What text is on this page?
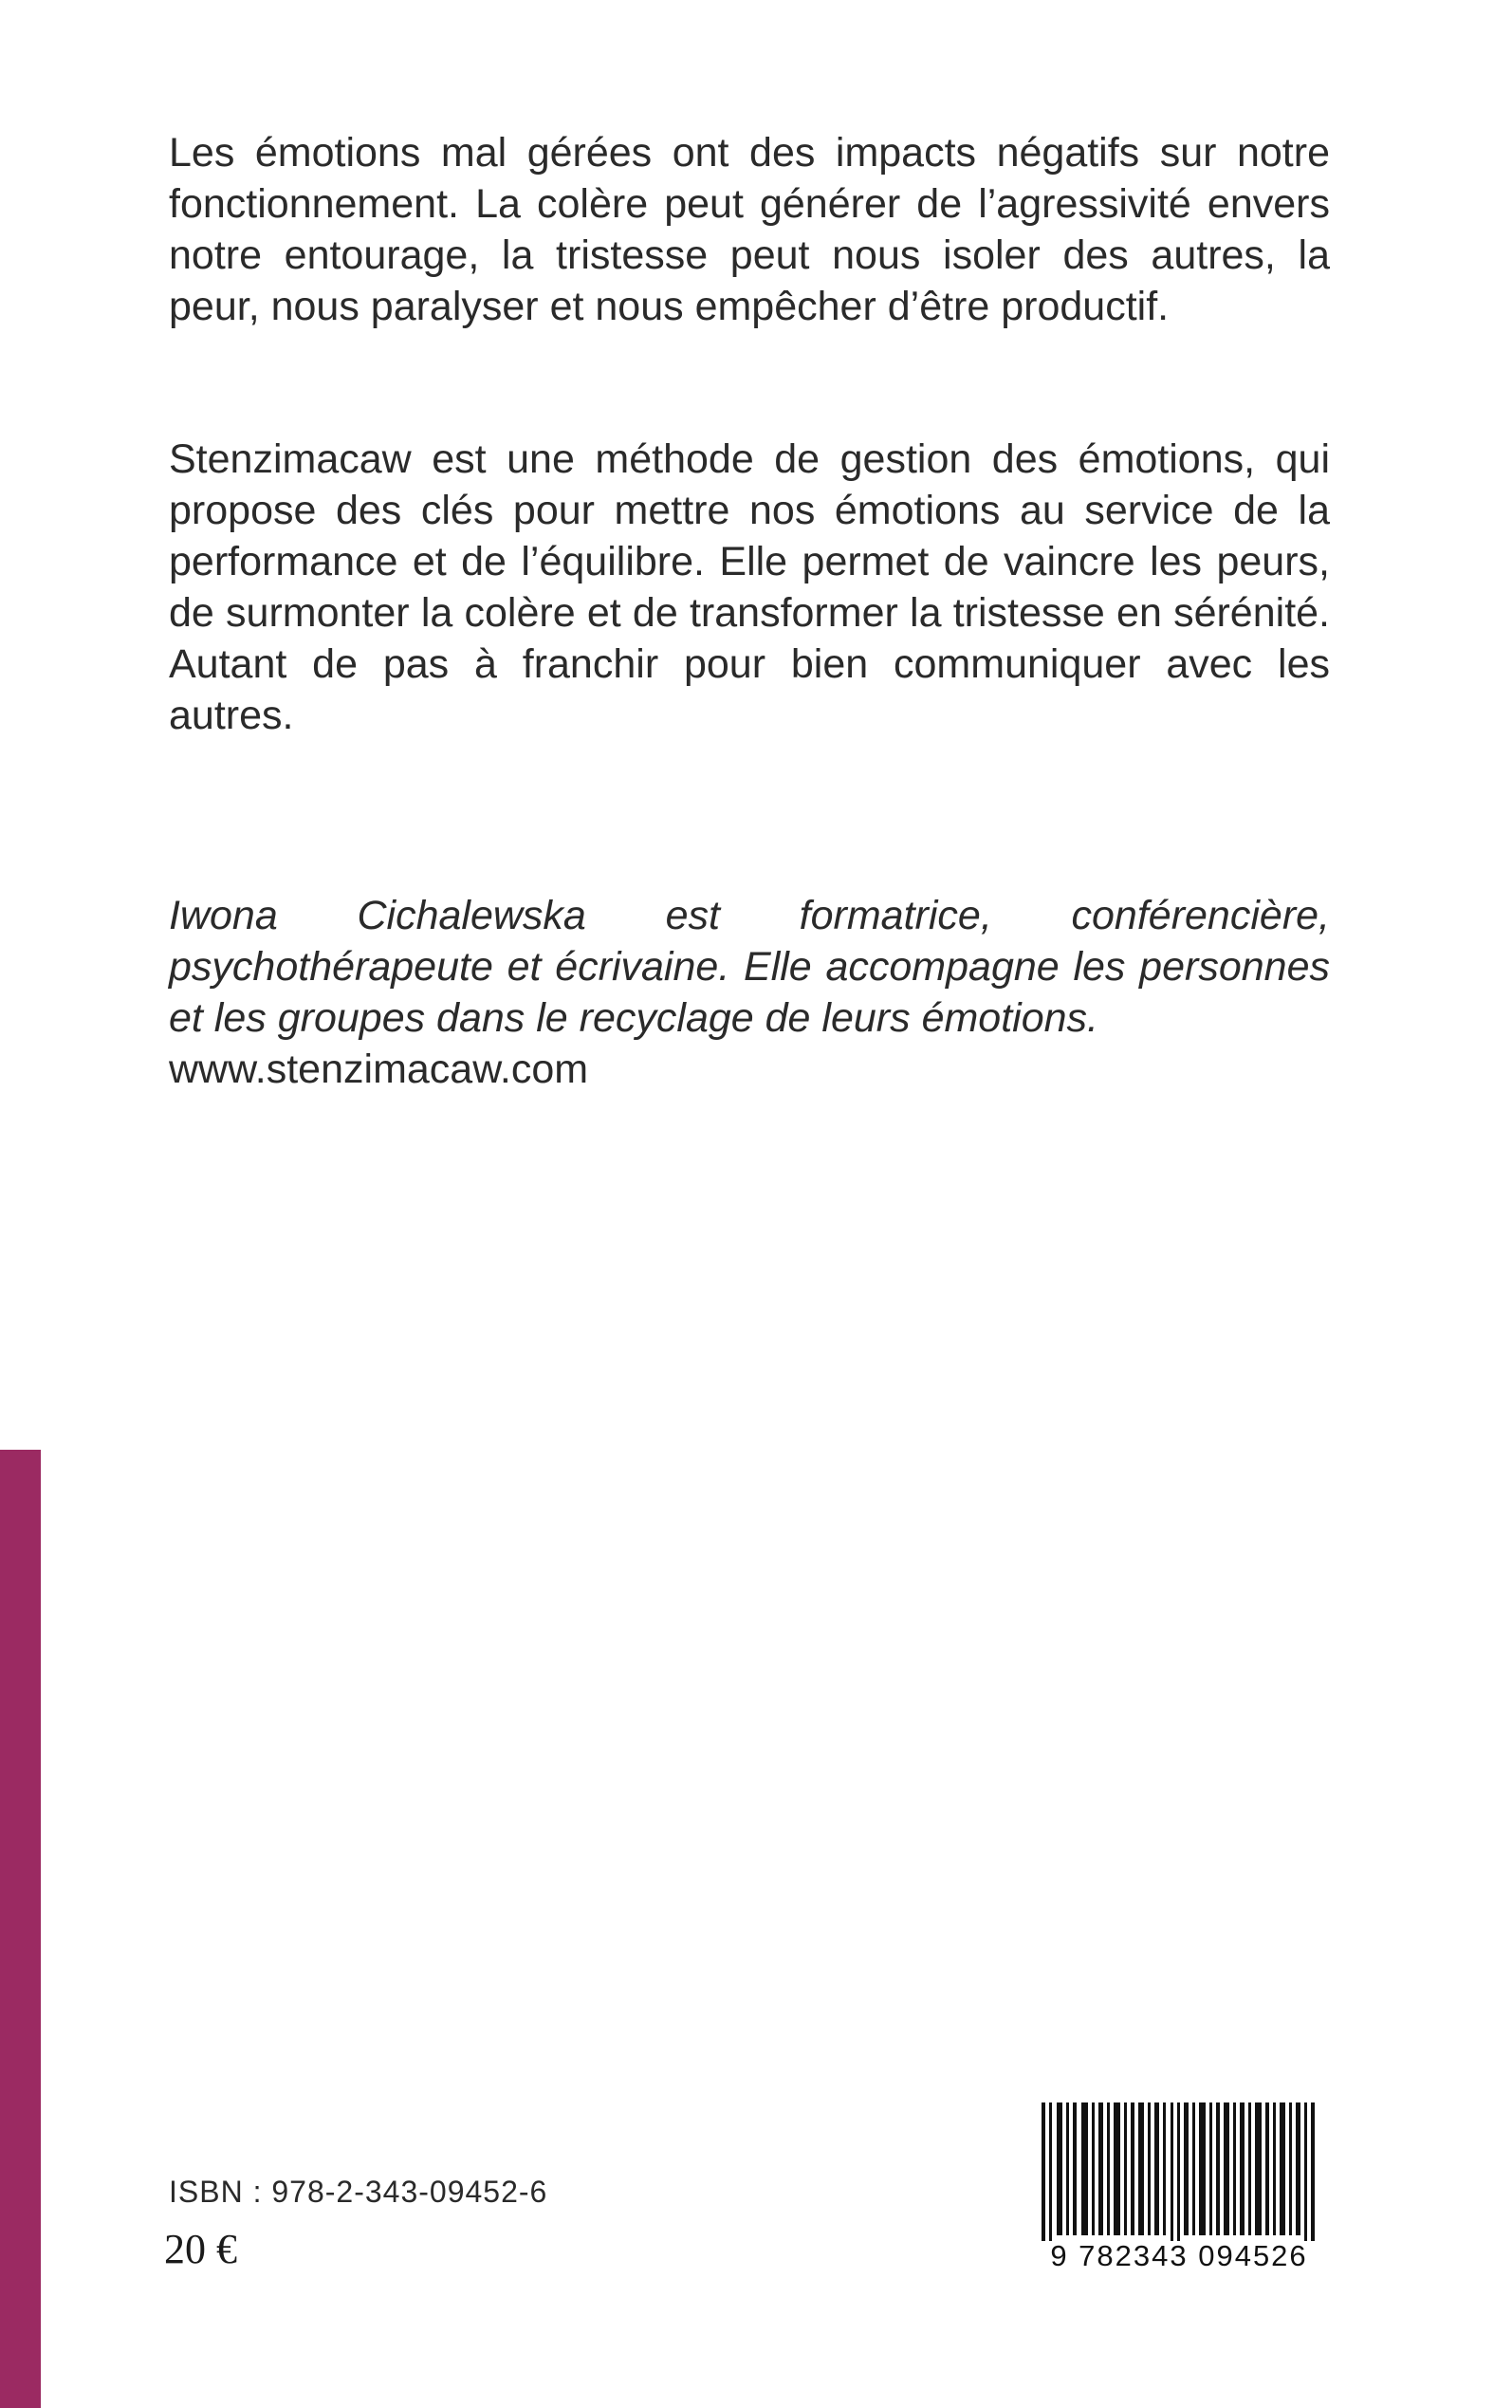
Les émotions mal gérées ont des impacts négatifs sur notre fonctionnement. La colère peut générer de l’agressivité envers notre entourage, la tristesse peut nous isoler des autres, la peur, nous paralyser et nous empêcher d’être productif.

Stenzimacaw est une méthode de gestion des émotions, qui propose des clés pour mettre nos émotions au service de la performance et de l’équilibre. Elle permet de vaincre les peurs, de surmonter la colère et de transformer la tristesse en sérénité. Autant de pas à franchir pour bien communiquer avec les autres.

Iwona Cichalewska est formatrice, conférencière, psychothérapeute et écrivaine. Elle accompagne les personnes et les groupes dans le recyclage de leurs émotions.
www.stenzimacaw.com

ISBN : 978-2-343-09452-6
20 €	9 782343 094526
